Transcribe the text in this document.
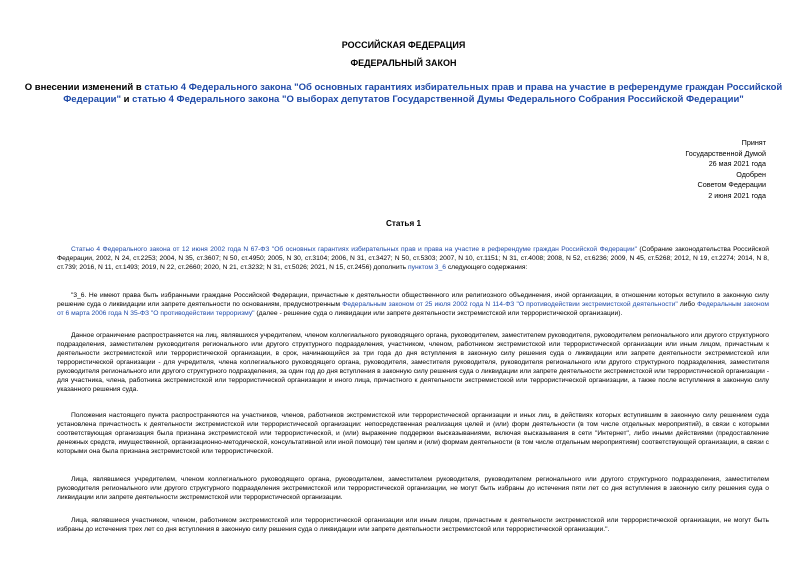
РОССИЙСКАЯ ФЕДЕРАЦИЯ
ФЕДЕРАЛЬНЫЙ ЗАКОН
О внесении изменений в статью 4 Федерального закона "Об основных гарантиях избирательных прав и права на участие в референдуме граждан Российской Федерации" и статью 4 Федерального закона "О выборах депутатов Государственной Думы Федерального Собрания Российской Федерации"
Принят
Государственной Думой
26 мая 2021 года
Одобрен
Советом Федерации
2 июня 2021 года
Статья 1
Статью 4 Федерального закона от 12 июня 2002 года N 67-ФЗ "Об основных гарантиях избирательных прав и права на участие в референдуме граждан Российской Федерации" (Собрание законодательства Российской Федерации, 2002, N 24, ст.2253; 2004, N 35, ст.3607; N 50, ст.4950; 2005, N 30, ст.3104; 2006, N 31, ст.3427; N 50, ст.5303; 2007, N 10, ст.1151; N 31, ст.4008; 2008, N 52, ст.6236; 2009, N 45, ст.5268; 2012, N 19, ст.2274; 2014, N 8, ст.739; 2016, N 11, ст.1493; 2019, N 22, ст.2660; 2020, N 21, ст.3232; N 31, ст.5026; 2021, N 15, ст.2456) дополнить пунктом 3_6 следующего содержания:
"3_6. Не имеют права быть избранными граждане Российской Федерации, причастные к деятельности общественного или религиозного объединения, иной организации, в отношении которых вступило в законную силу решение суда о ликвидации или запрете деятельности по основаниям, предусмотренным Федеральным законом от 25 июля 2002 года N 114-ФЗ "О противодействии экстремистской деятельности" либо Федеральным законом от 6 марта 2006 года N 35-ФЗ "О противодействии терроризму" (далее - решение суда о ликвидации или запрете деятельности экстремистской или террористической организации).
Данное ограничение распространяется на лиц, являвшихся учредителем, членом коллегиального руководящего органа, руководителем, заместителем руководителя, руководителем регионального или другого структурного подразделения, заместителем руководителя регионального или другого структурного подразделения, участником, членом, работником экстремистской или террористической организации или иным лицом, причастным к деятельности экстремистской или террористической организации, в срок, начинающийся за три года до дня вступления в законную силу решения суда о ликвидации или запрете деятельности экстремистской или террористической организации - для учредителя, члена коллегиального руководящего органа, руководителя, заместителя руководителя, руководителя регионального или другого структурного подразделения, заместителя руководителя регионального или другого структурного подразделения, за один год до дня вступления в законную силу решения суда о ликвидации или запрете деятельности экстремистской или террористической организации - для участника, члена, работника экстремистской или террористической организации и иного лица, причастного к деятельности экстремистской или террористической организации, а также после вступления в законную силу указанного решения суда.
Положения настоящего пункта распространяются на участников, членов, работников экстремистской или террористической организации и иных лиц, в действиях которых вступившим в законную силу решением суда установлена причастность к деятельности экстремистской или террористической организации: непосредственная реализация целей и (или) форм деятельности (в том числе отдельных мероприятий), в связи с которыми соответствующая организация была признана экстремистской или террористической, и (или) выражение поддержки высказываниями, включая высказывания в сети "Интернет", либо иными действиями (предоставление денежных средств, имущественной, организационно-методической, консультативной или иной помощи) тем целям и (или) формам деятельности (в том числе отдельным мероприятиям) соответствующей организации, в связи с которыми она была признана экстремистской или террористической.
Лица, являвшиеся учредителем, членом коллегиального руководящего органа, руководителем, заместителем руководителя, руководителем регионального или другого структурного подразделения, заместителем руководителя регионального или другого структурного подразделения экстремистской или террористической организации, не могут быть избраны до истечения пяти лет со дня вступления в законную силу решения суда о ликвидации или запрете деятельности экстремистской или террористической организации.
Лица, являвшиеся участником, членом, работником экстремистской или террористической организации или иным лицом, причастным к деятельности экстремистской или террористической организации, не могут быть избраны до истечения трех лет со дня вступления в законную силу решения суда о ликвидации или запрете деятельности экстремистской или террористической организации.".
